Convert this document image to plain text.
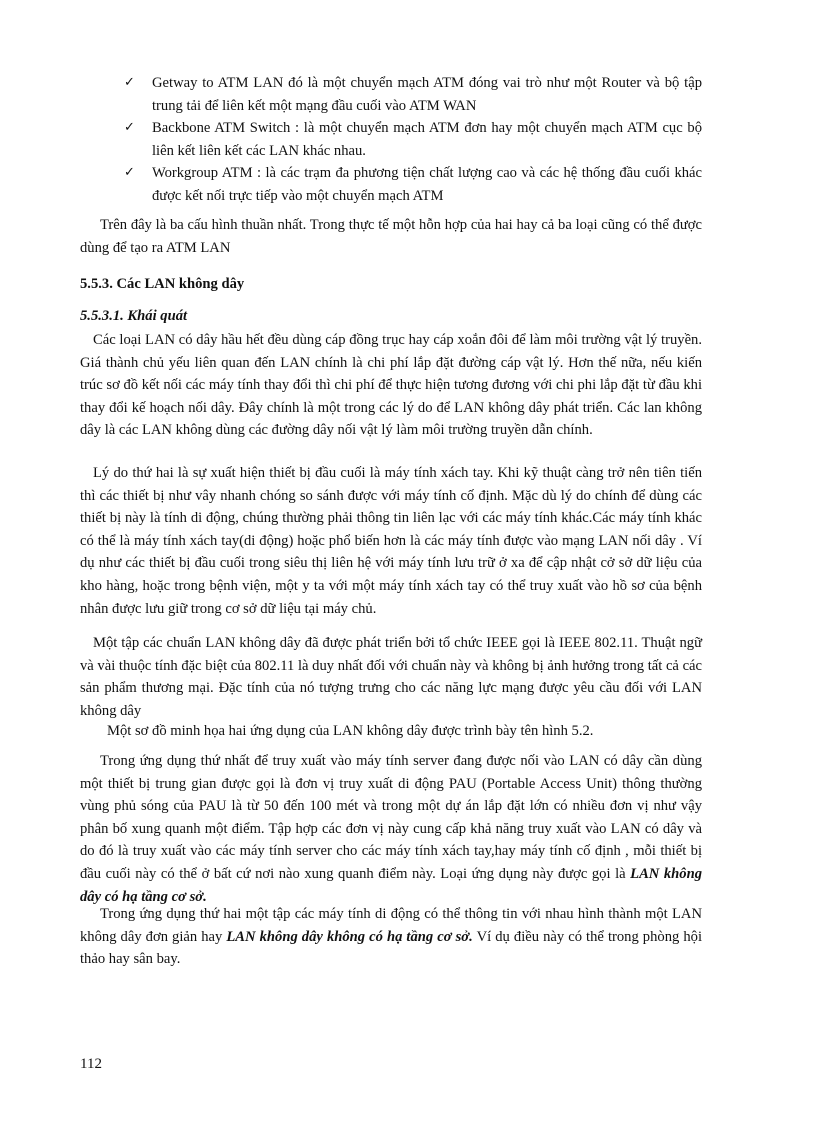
✓ Getway to ATM LAN đó là một chuyển mạch ATM đóng vai trò như một Router và bộ tập trung tải để liên kết một mạng đầu cuối vào ATM WAN
✓ Backbone ATM Switch : là một chuyển mạch ATM đơn hay một chuyển mạch ATM cục bộ liên kết liên kết các LAN khác nhau.
✓ Workgroup ATM : là các trạm đa phương tiện chất lượng cao và các hệ thống đầu cuối khác được kết nối trực tiếp vào một chuyển mạch ATM

Trên đây là ba cấu hình thuần nhất. Trong thực tế một hỗn hợp của hai hay cả ba loại cũng có thể được dùng để tạo ra ATM LAN

5.5.3. Các LAN không dây
5.5.3.1. Khái quát

Các loại LAN có dây hầu hết đều dùng cáp đồng trục hay cáp xoắn đôi để làm môi trường vật lý truyền. Giá thành chủ yếu liên quan đến LAN chính là chi phí lắp đặt đường cáp vật lý. Hơn thế nữa, nếu kiến trúc sơ đồ kết nối các máy tính thay đổi thì chi phí để thực hiện tương đương với chi phi lắp đặt từ đầu khi thay đổi kế hoạch nối dây. Đây chính là một trong các lý do để LAN không dây phát triển. Các lan không dây là các LAN không dùng các đường dây nối vật lý làm môi trường truyền dẫn chính.

Lý do thứ hai là sự xuất hiện thiết bị đầu cuối là máy tính xách tay. Khi kỹ thuật càng trở nên tiên tiến thì các thiết bị như vây nhanh chóng so sánh được với máy tính cố định. Mặc dù lý do chính để dùng các thiết bị này là tính di động, chúng thường phải thông tin liên lạc với các máy tính khác.Các máy tính khác có thể là máy tính xách tay(di động) hoặc phổ biến hơn là các máy tính được vào mạng LAN nối dây . Ví dụ như các thiết bị đầu cuối trong siêu thị liên hệ với máy tính lưu trữ ở xa để cập nhật cở sở dữ liệu của kho hàng, hoặc trong bệnh viện, một y ta với một máy tính xách tay có thể truy xuất vào hồ sơ của bệnh nhân được lưu giữ trong cơ sở dữ liệu tại máy chủ.

Một tập các chuẩn LAN không dây đã được phát triển bởi tổ chức IEEE gọi là IEEE 802.11. Thuật ngữ và vài thuộc tính đặc biệt của 802.11 là duy nhất đối với chuẩn này và không bị ảnh hưởng trong tất cả các sản phẩm thương mại. Đặc tính của nó tượng trưng cho các năng lực mạng được yêu cầu đối với LAN không dây

Một sơ đồ minh họa hai ứng dụng của LAN không dây được trình bày tên hình 5.2.

Trong ứng dụng thứ nhất để truy xuất vào máy tính server đang được nối vào LAN có dây cần dùng một thiết bị trung gian được gọi là đơn vị truy xuất di động PAU (Portable Access Unit) thông thường vùng phủ sóng của PAU là từ 50 đến 100 mét và trong một dự án lắp đặt lớn có nhiều đơn vị như vậy phân bố xung quanh một điểm. Tập hợp các đơn vị này cung cấp khả năng truy xuất vào LAN có dây và do đó là truy xuất vào các máy tính server cho các máy tính xách tay,hay máy tính cố định , mỗi thiết bị đầu cuối này có thể ở bất cứ nơi nào xung quanh điểm này. Loại ứng dụng này được gọi là LAN không dây có hạ tầng cơ sở.

Trong ứng dụng thứ hai một tập các máy tính di động có thể thông tin với nhau hình thành một LAN không dây đơn giản hay LAN không dây không có hạ tầng cơ sở. Ví dụ điều này có thể trong phòng hội thảo hay sân bay.

112
